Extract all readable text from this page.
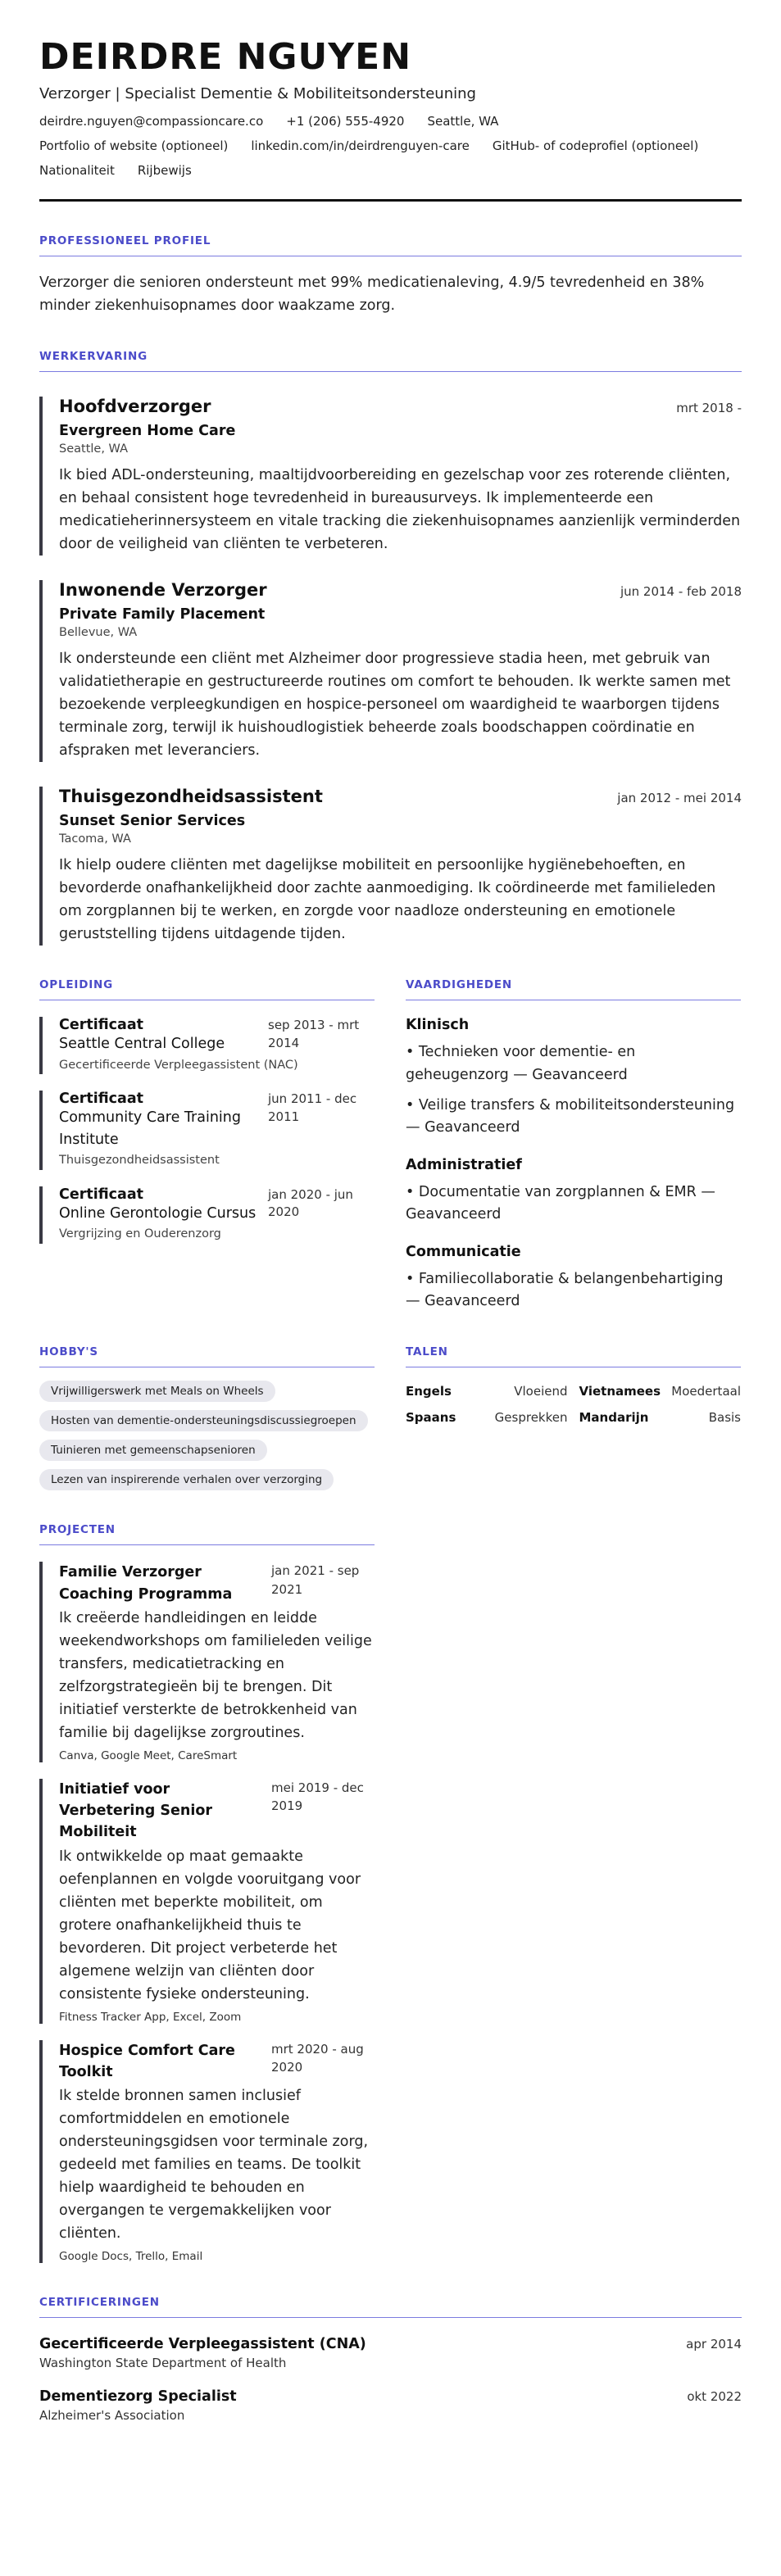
DEIRDRE NGUYEN
Verzorger | Specialist Dementie & Mobiliteitsondersteuning
deirdre.nguyen@compassioncare.co +1 (206) 555-4920 Seattle, WA
Portfolio of website (optioneel) linkedin.com/in/deirdrenguyen-care GitHub- of codeprofiel (optioneel)
Nationaliteit Rijbewijs
PROFESSIONEEL PROFIEL

Verzorger die senioren ondersteunt met 99% medicatienaleving, 4.9/5 tevredenheid en 38% minder ziekenhuisopnames door waakzame zorg.

WERKERVARING
Hoofdverzorger	mrt 2018 -
Evergreen Home Care
Seattle, WA

Ik bied ADL-ondersteuning, maaltijdvoorbereiding en gezelschap voor zes roterende cliënten, en behaal consistent hoge tevredenheid in bureausurveys. Ik implementeerde een medicatieherinnersysteem en vitale tracking die ziekenhuisopnames aanzienlijk verminderden door de veiligheid van cliënten te verbeteren.

Inwonende Verzorger	jun 2014 - feb 2018
Private Family Placement
Bellevue, WA

Ik ondersteunde een cliënt met Alzheimer door progressieve stadia heen, met gebruik van validatietherapie en gestructureerde routines om comfort te behouden. Ik werkte samen met bezoekende verpleegkundigen en hospice-personeel om waardigheid te waarborgen tijdens terminale zorg, terwijl ik huishoudlogistiek beheerde zoals boodschappen coördinatie en afspraken met leveranciers.

Thuisgezondheidsassistent	jan 2012 - mei 2014
Sunset Senior Services
Tacoma, WA

Ik hielp oudere cliënten met dagelijkse mobiliteit en persoonlijke hygiënebehoeften, en bevorderde onafhankelijkheid door zachte aanmoediging. Ik coördineerde met familieleden om zorgplannen bij te werken, en zorgde voor naadloze ondersteuning en emotionele geruststelling tijdens uitdagende tijden.

OPLEIDING
Certificaat
Seattle Central College
sep 2013 - mrt 2014
Gecertificeerde Verpleegassistent (NAC)
Certificaat
Community Care Training Institute
jun 2011 - dec 2011
Thuisgezondheidsassistent
Certificaat
Online Gerontologie Cursus
jan 2020 - jun 2020
Vergrijzing en Ouderenzorg
VAARDIGHEDEN
Klinisch
• Technieken voor dementie- en geheugenzorg — Geavanceerd
• Veilige transfers & mobiliteitsondersteuning — Geavanceerd
Administratief
• Documentatie van zorgplannen & EMR — Geavanceerd
Communicatie
• Familiecollaboratie & belangenbehartiging — Geavanceerd
HOBBY'S
Vrijwilligerswerk met Meals on Wheels
Hosten van dementie-ondersteuningsdiscussiegroepen
Tuinieren met gemeenschapsenioren
Lezen van inspirerende verhalen over verzorging
TALEN
Engels	Vloeiend Vietnamees Moedertaal
Spaans	Gesprekken Mandarijn	Basis
PROJECTEN
Familie Verzorger Coaching Programma
jan 2021 - sep 2021

Ik creëerde handleidingen en leidde weekendworkshops om familieleden veilige transfers, medicatietracking en zelfzorgstrategieën bij te brengen. Dit initiatief versterkte de betrokkenheid van familie bij dagelijkse zorgroutines.

Canva, Google Meet, CareSmart
Initiatief voor Verbetering Senior Mobiliteit
mei 2019 - dec 2019

Ik ontwikkelde op maat gemaakte oefenplannen en volgde vooruitgang voor cliënten met beperkte mobiliteit, om grotere onafhankelijkheid thuis te bevorderen. Dit project verbeterde het algemene welzijn van cliënten door consistente fysieke ondersteuning.

Fitness Tracker App, Excel, Zoom
Hospice Comfort Care Toolkit
mrt 2020 - aug 2020

Ik stelde bronnen samen inclusief comfortmiddelen en emotionele ondersteuningsgidsen voor terminale zorg, gedeeld met families en teams. De toolkit hielp waardigheid te behouden en overgangen te vergemakkelijken voor cliënten.

Google Docs, Trello, Email
CERTIFICERINGEN
Gecertificeerde Verpleegassistent (CNA)	apr 2014
Washington State Department of Health
Dementiezorg Specialist	okt 2022
Alzheimer's Association
